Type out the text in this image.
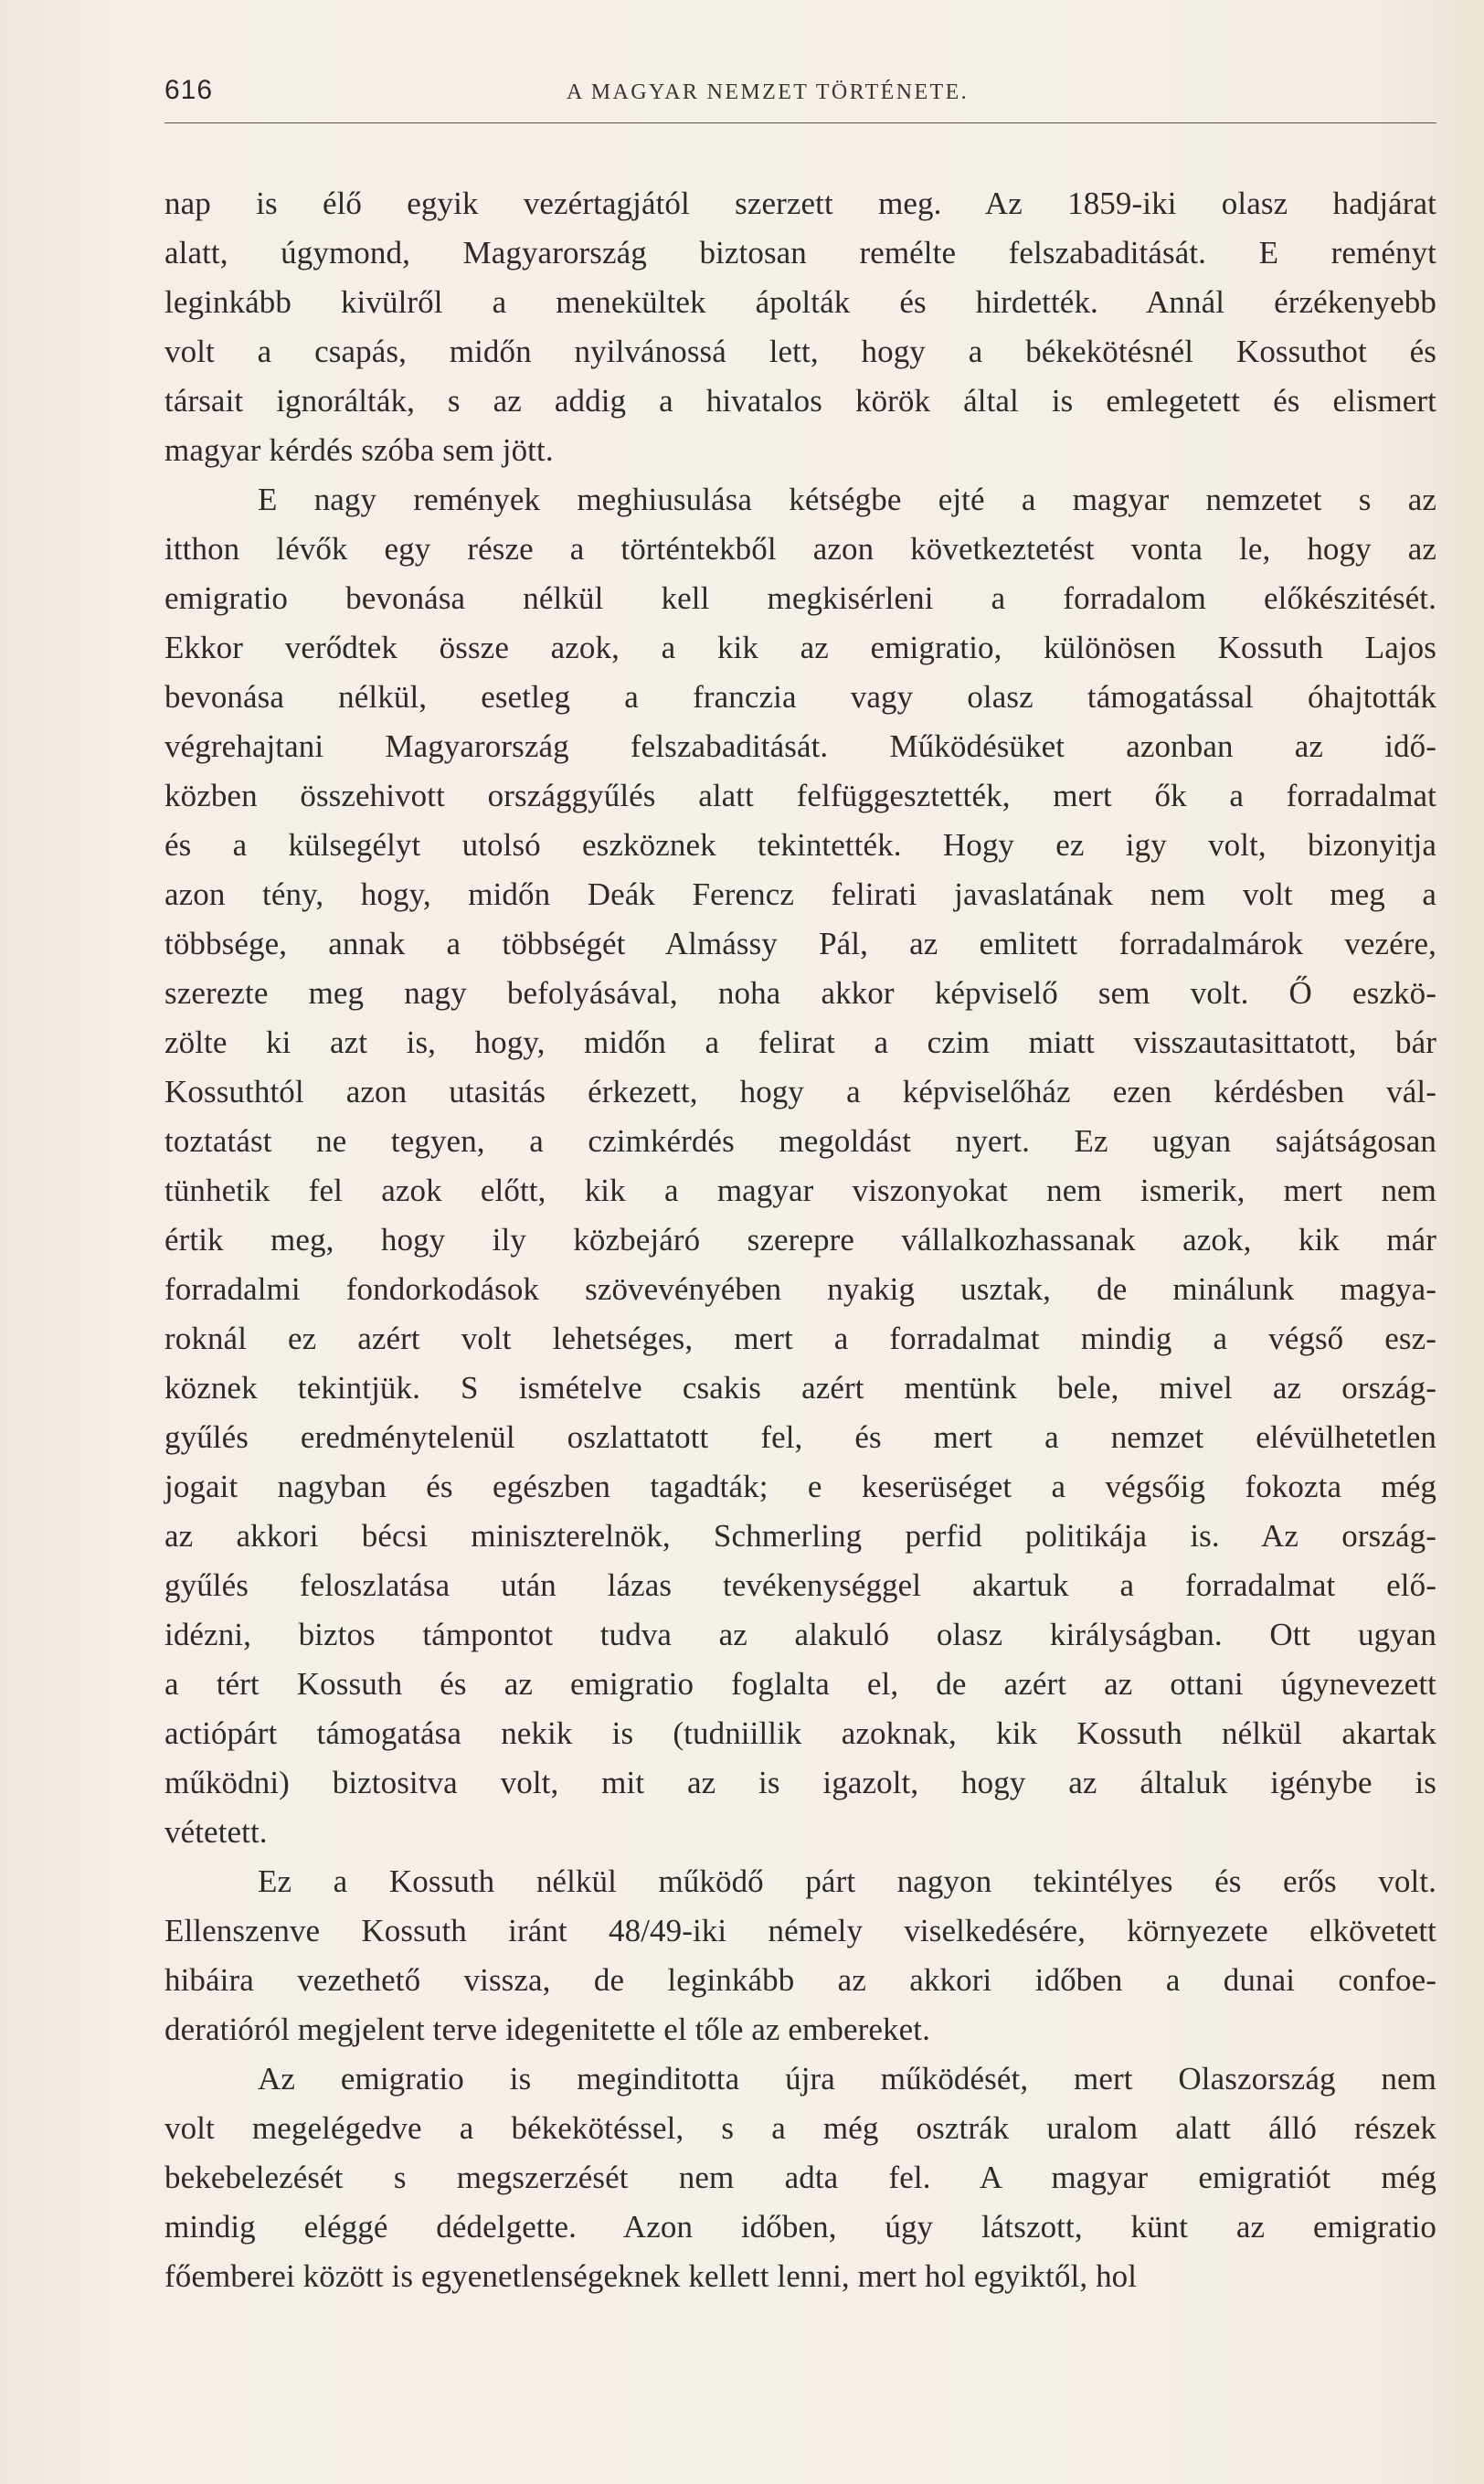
616	A MAGYAR NEMZET TÖRTÉNETE.
nap is élő egyik vezértagjától szerzett meg. Az 1859-iki olasz hadjárat
alatt, úgymond, Magyarország biztosan remélte felszabaditását. E reményt
leginkább kivülről a menekültek ápolták és hirdették. Annál érzékenyebb
volt a csapás, midőn nyilvánossá lett, hogy a békekötésnél Kossuthot és
társait ignorálták, s az addig a hivatalos körök által is emlegetett és elismert
magyar kérdés szóba sem jött.
E nagy remények meghiusulása kétségbe ejté a magyar nemzetet s az
itthon lévők egy része a történtekből azon következtetést vonta le, hogy az
emigratio bevonása nélkül kell megkisérleni a forradalom előkészitését.
Ekkor verődtek össze azok, a kik az emigratio, különösen Kossuth Lajos
bevonása nélkül, esetleg a franczia vagy olasz támogatással óhajtották
végrehajtani Magyarország felszabaditását. Működésüket azonban az idő-
közben összehivott országgyűlés alatt felfüggesztették, mert ők a forradalmat
és a külsegélyt utolsó eszköznek tekintették. Hogy ez igy volt, bizonyitja
azon tény, hogy, midőn Deák Ferencz felirati javaslatának nem volt meg a
többsége, annak a többségét Almássy Pál, az emlitett forradalmárok vezére,
szerezte meg nagy befolyásával, noha akkor képviselő sem volt. Ő eszkö-
zölte ki azt is, hogy, midőn a felirat a czim miatt visszautasittatott, bár
Kossuthtól azon utasitás érkezett, hogy a képviselőház ezen kérdésben vál-
toztatást ne tegyen, a czimkérdés megoldást nyert. Ez ugyan sajátságosan
tünhetik fel azok előtt, kik a magyar viszonyokat nem ismerik, mert nem
értik meg, hogy ily közbejáró szerepre vállalkozhassanak azok, kik már
forradalmi fondorkodások szövevényében nyakig usztak, de minálunk magya-
roknál ez azért volt lehetséges, mert a forradalmat mindig a végső esz-
köznek tekintjük. S ismételve csakis azért mentünk bele, mivel az ország-
gyűlés eredménytelenül oszlattatott fel, és mert a nemzet elévülhetetlen
jogait nagyban és egészben tagadták; e keserüséget a végsőig fokozta még
az akkori bécsi miniszterelnök, Schmerling perfid politikája is. Az ország-
gyűlés feloszlatása után lázas tevékenységgel akartuk a forradalmat elő-
idézni, biztos támpontot tudva az alakuló olasz királyságban. Ott ugyan
a tért Kossuth és az emigratio foglalta el, de azért az ottani úgynevezett
actiópárt támogatása nekik is (tudniillik azoknak, kik Kossuth nélkül akartak
működni) biztositva volt, mit az is igazolt, hogy az általuk igénybe is
vétetett.
Ez a Kossuth nélkül működő párt nagyon tekintélyes és erős volt.
Ellenszenve Kossuth iránt 48/49-iki némely viselkedésére, környezete elkövetett
hibáira vezethető vissza, de leginkább az akkori időben a dunai confoe-
deratióról megjelent terve idegenitette el tőle az embereket.
Az emigratio is meginditotta újra működését, mert Olaszország nem
volt megelégedve a békekötéssel, s a még osztrák uralom alatt álló részek
bekebelezését s megszerzését nem adta fel. A magyar emigratiót még
mindig eléggé dédelgette. Azon időben, úgy látszott, künt az emigratio
főemberei között is egyenetlenségeknek kellett lenni, mert hol egyiktől, hol
